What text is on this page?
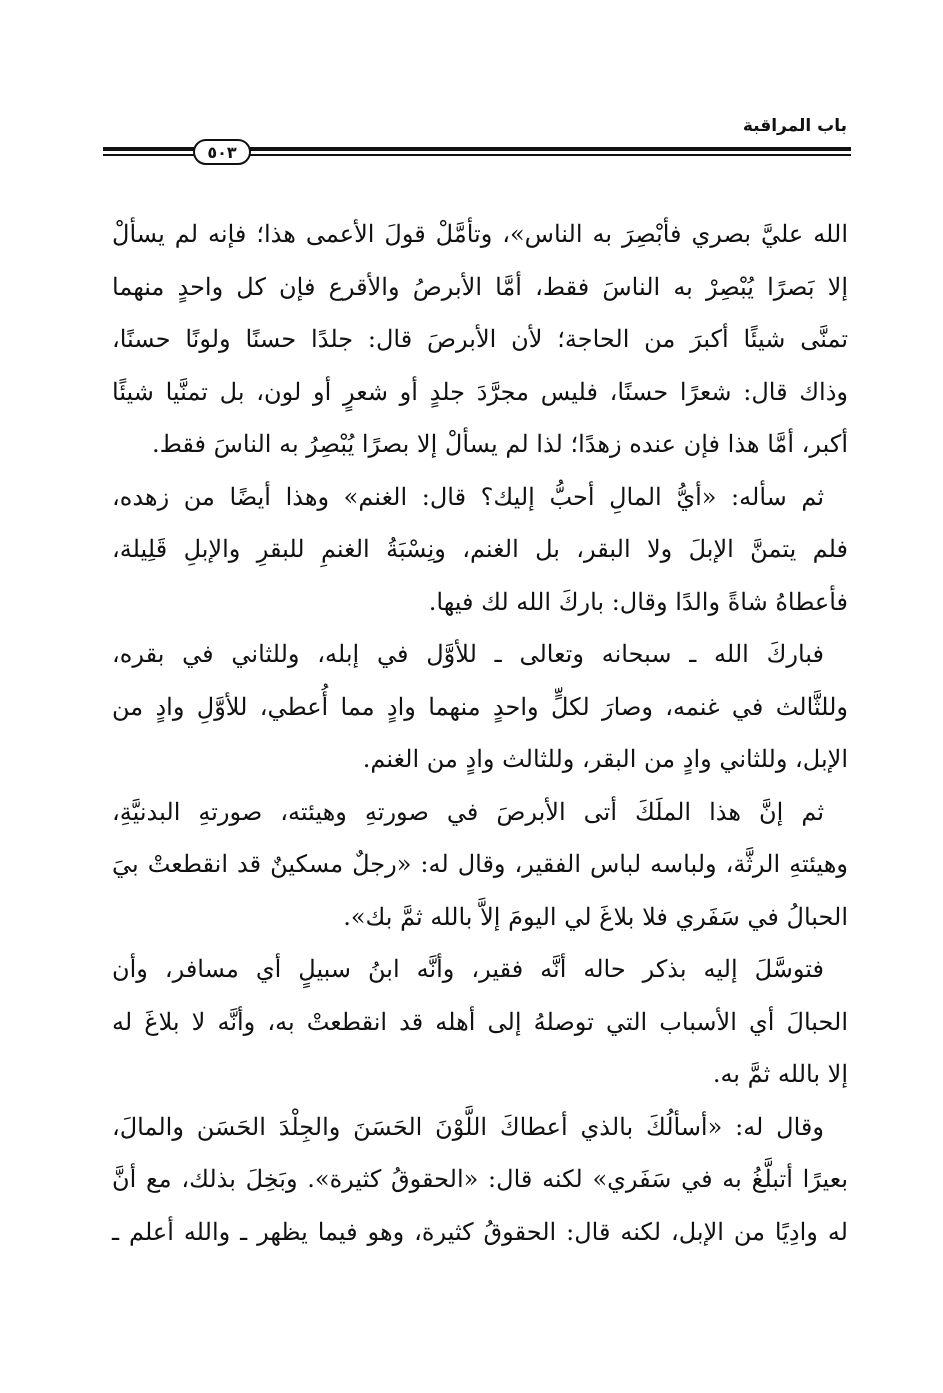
باب المراقبة
٥٠٣
الله عليَّ بصري فأبْصِرَ به الناس»، وتأمَّلْ قولَ الأعمى هذا؛ فإنه لم يسألْ
إلا بَصرًا يُبْصِرْ به الناسَ فقط، أمَّا الأبرصُ والأقرع فإن كل واحدٍ منهما
تمنَّى شيئًا أكبرَ من الحاجة؛ لأن الأبرصَ قال: جلدًا حسنًا ولونًا حسنًا،
وذاك قال: شعرًا حسنًا، فليس مجرَّدَ جلدٍ أو شعرٍ أو لون، بل تمنَّيا شيئًا
أكبر، أمَّا هذا فإن عنده زهدًا؛ لذا لم يسألْ إلا بصرًا يُبْصِرُ به الناسَ فقط.
ثم سأله: «أيُّ المالِ أحبُّ إليك؟ قال: الغنم» وهذا أيضًا من زهده،
فلم يتمنَّ الإبلَ ولا البقر، بل الغنم، ونِسْبَةُ الغنمِ للبقرِ والإبلِ قَلِيلة،
فأعطاهُ شاةً والدًا وقال: باركَ الله لك فيها.
فباركَ الله ـ سبحانه وتعالى ـ للأوَّل في إبله، وللثاني في بقره،
وللثَّالث في غنمه، وصارَ لكلٍّ واحدٍ منهما وادٍ مما أُعطي، للأوَّلِ وادٍ من
الإبل، وللثاني وادٍ من البقر، وللثالث وادٍ من الغنم.
ثم إنَّ هذا الملَكَ أتى الأبرصَ في صورتهِ وهيئته، صورتهِ البدنيَّةِ،
وهيئتهِ الرثَّة، ولباسه لباس الفقير، وقال له: «رجلٌ مسكينٌ قد انقطعتْ بيَ
الحبالُ في سَفَري فلا بلاغَ لي اليومَ إلاَّ بالله ثمَّ بك».
فتوسَّلَ إليه بذكر حاله أنَّه فقير، وأنَّه ابنُ سبيلٍ أي مسافر، وأن
الحبالَ أي الأسباب التي توصلهُ إلى أهله قد انقطعتْ به، وأنَّه لا بلاغَ له
إلا بالله ثمَّ به.
وقال له: «أسألُكَ بالذي أعطاكَ اللَّوْنَ الحَسَنَ والجِلْدَ الحَسَن والمالَ،
بعيرًا أتبلَّغُ به في سَفَري» لكنه قال: «الحقوقُ كثيرة». وبَخِلَ بذلك، مع أنَّ
له وادِيًا من الإبل، لكنه قال: الحقوقُ كثيرة، وهو فيما يظهر ـ والله أعلم ـ
